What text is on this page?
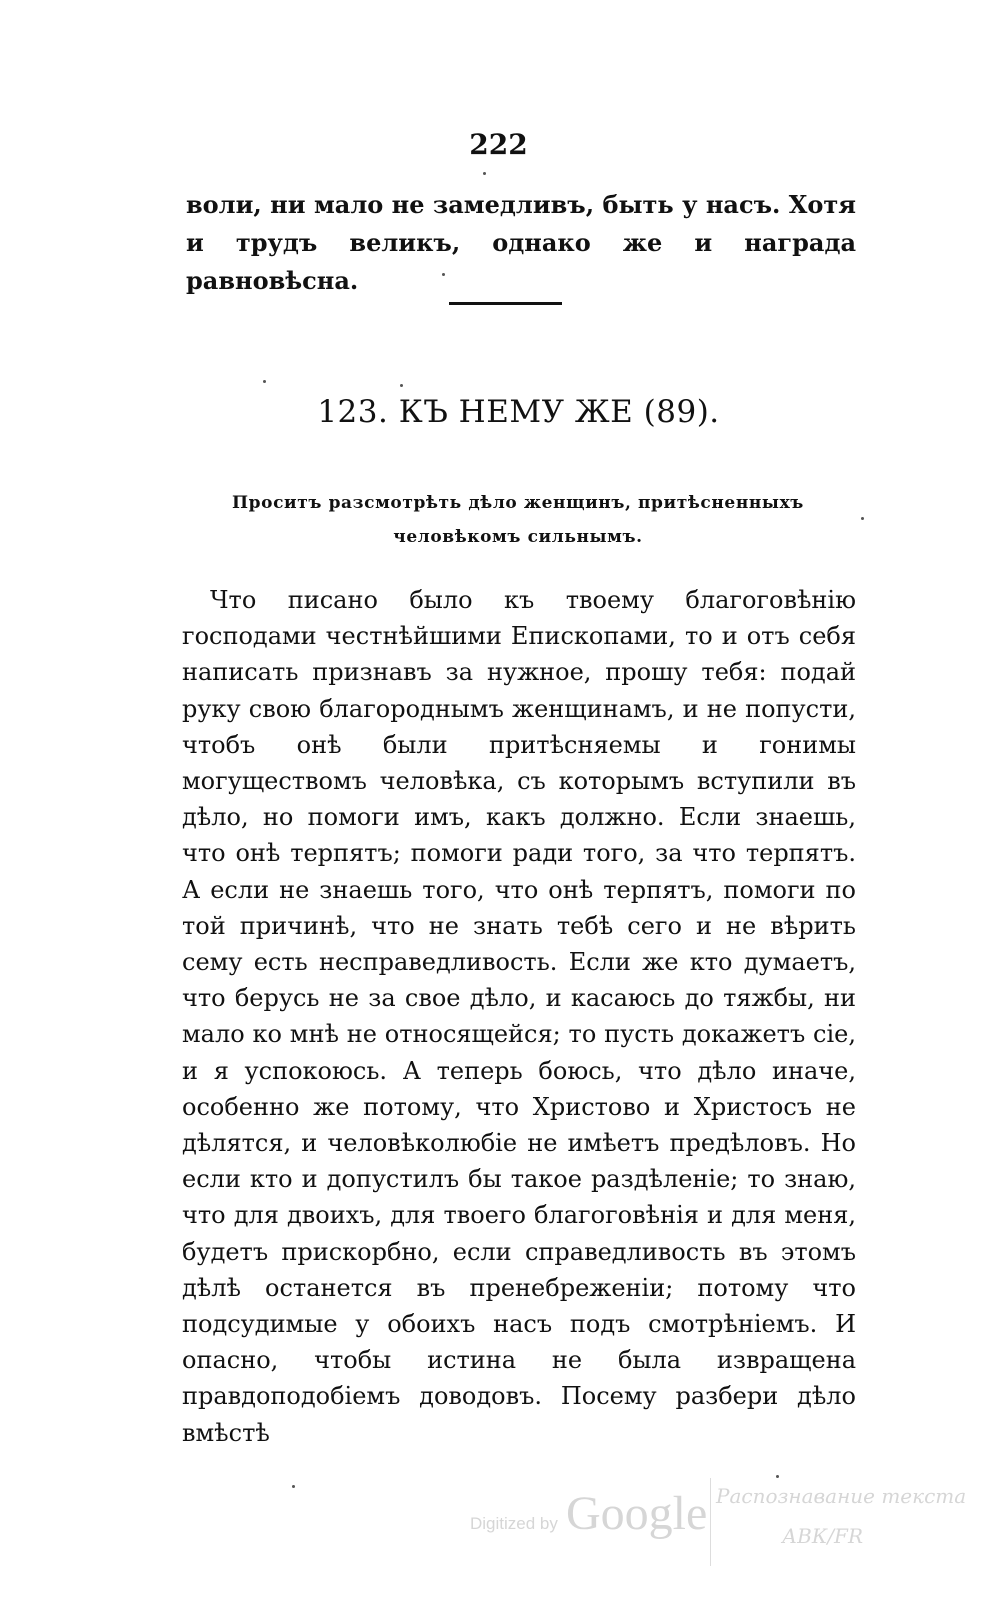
222
воли, ни мало не замедливъ, быть у насъ. Хотя и трудъ великъ, однако же и награда равновѣсна.
123. КЪ НЕМУ ЖЕ (89).
Проситъ разсмотрѣть дѣло женщинъ, притѣсненныхъ человѣкомъ сильнымъ.
Что писано было къ твоему благоговѣнію господами честнѣйшими Епископами, то и отъ себя написать признавъ за нужное, прошу тебя: подай руку свою благороднымъ женщинамъ, и не попусти, чтобъ онѣ были притѣсняемы и гонимы могуществомъ человѣка, съ которымъ вступили въ дѣло, но помоги имъ, какъ должно. Если знаешь, что онѣ терпятъ; помоги ради того, за что терпятъ. А если не знаешь того, что онѣ терпятъ, помоги по той причинѣ, что не знать тебѣ сего и не вѣрить сему есть несправедливость. Если же кто думаетъ, что берусь не за свое дѣло, и касаюсь до тяжбы, ни мало ко мнѣ не относящейся; то пусть докажетъ сіе, и я успокоюсь. А теперь боюсь, что дѣло иначе, особенно же потому, что Христово и Христосъ не дѣлятся, и человѣколюбіе не имѣетъ предѣловъ. Но если кто и допустилъ бы такое раздѣленіе; то знаю, что для двоихъ, для твоего благоговѣнія и для меня, будетъ прискорбно, если справедливость въ этомъ дѣлѣ останется въ пренебреженіи; потому что подсудимые у обоихъ насъ подъ смотрѣніемъ. И опасно, чтобы истина не была извращена правдоподобіемъ доводовъ. Посему разбери дѣло вмѣстѣ
Digitized by Google Распознавание текста
АВК/FR
